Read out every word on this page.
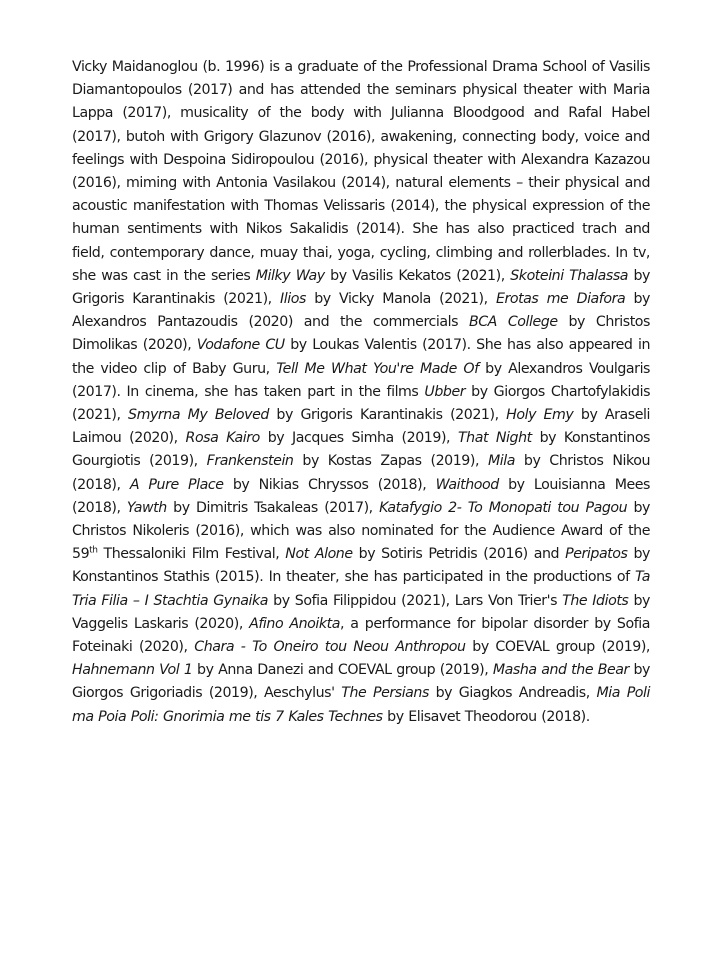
Vicky Maidanoglou (b. 1996) is a graduate of the Professional Drama School of Vasilis Diamantopoulos (2017) and has attended the seminars physical theater with Maria Lappa (2017), musicality of the body with Julianna Bloodgood and Rafal Habel (2017), butoh with Grigory Glazunov (2016), awakening, connecting body, voice and feelings with Despoina Sidiropoulou (2016), physical theater with Alexandra Kazazou (2016), miming with Antonia Vasilakou (2014), natural elements – their physical and acoustic manifestation with Thomas Velissaris (2014), the physical expression of the human sentiments with Nikos Sakalidis (2014). She has also practiced trach and field, contemporary dance, muay thai, yoga, cycling, climbing and rollerblades. In tv, she was cast in the series Milky Way by Vasilis Kekatos (2021), Skoteini Thalassa by Grigoris Karantinakis (2021), Ilios by Vicky Manola (2021), Erotas me Diafora by Alexandros Pantazoudis (2020) and the commercials BCA College by Christos Dimolikas (2020), Vodafone CU by Loukas Valentis (2017). She has also appeared in the video clip of Baby Guru, Tell Me What You're Made Of by Alexandros Voulgaris (2017). In cinema, she has taken part in the films Ubber by Giorgos Chartofylakidis (2021), Smyrna My Beloved by Grigoris Karantinakis (2021), Holy Emy by Araseli Laimou (2020), Rosa Kairo by Jacques Simha (2019), That Night by Konstantinos Gourgiotis (2019), Frankenstein by Kostas Zapas (2019), Mila by Christos Nikou (2018), A Pure Place by Nikias Chryssos (2018), Waithood by Louisianna Mees (2018), Yawth by Dimitris Tsakaleas (2017), Katafygio 2- To Monopati tou Pagou by Christos Nikoleris (2016), which was also nominated for the Audience Award of the 59th Thessaloniki Film Festival, Not Alone by Sotiris Petridis (2016) and Peripatos by Konstantinos Stathis (2015). In theater, she has participated in the productions of Ta Tria Filia – I Stachtia Gynaika by Sofia Filippidou (2021), Lars Von Trier's The Idiots by Vaggelis Laskaris (2020), Afino Anoikta, a performance for bipolar disorder by Sofia Foteinaki (2020), Chara - To Oneiro tou Neou Anthropou by COEVAL group (2019), Hahnemann Vol 1 by Anna Danezi and COEVAL group (2019), Masha and the Bear by Giorgos Grigoriadis (2019), Aeschylus' The Persians by Giagkos Andreadis, Mia Poli ma Poia Poli: Gnorimia me tis 7 Kales Technes by Elisavet Theodorou (2018).
